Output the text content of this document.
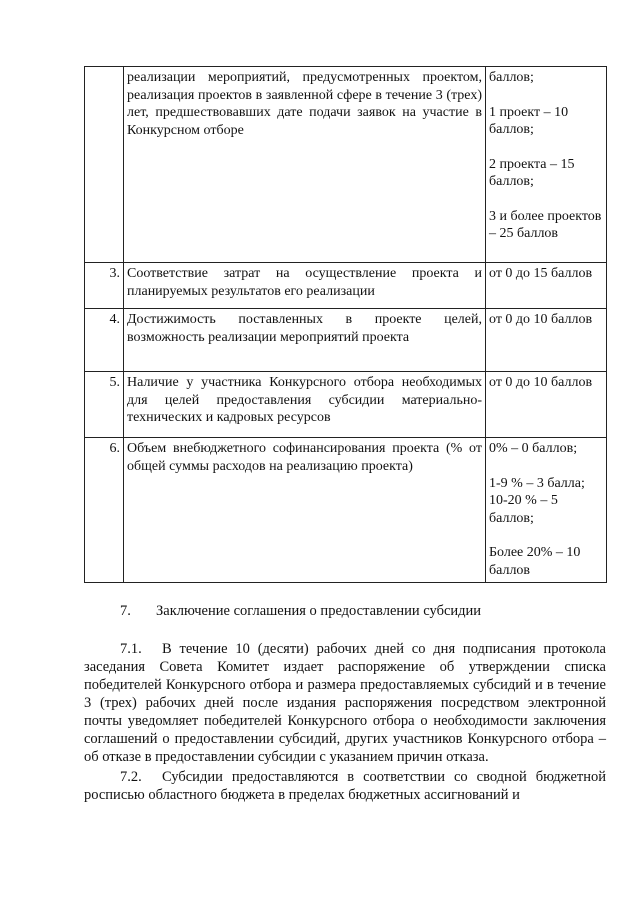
	реализации мероприятий, предусмотренных проектом, реализация проектов в заявленной сфере в течение 3 (трех) лет, предшествовавших дате подачи заявок на участие в Конкурсном отборе	баллов;
1 проект – 10 баллов;
2 проекта – 15 баллов;
3 и более проектов – 25 баллов

3.	Соответствие затрат на осуществление проекта и планируемых результатов его реализации	от 0 до 15 баллов

4.	Достижимость поставленных в проекте целей, возможность реализации мероприятий проекта	от 0 до 10 баллов

5.	Наличие у участника Конкурсного отбора необходимых для целей предоставления субсидии материально-технических и кадровых ресурсов	от 0 до 10 баллов

6.	Объем внебюджетного софинансирования проекта (% от общей суммы расходов на реализацию проекта)	0% – 0 баллов;
1-9 % – 3 балла;
10-20 % – 5 баллов;
Более 20% – 10 баллов
7. Заключение соглашения о предоставлении субсидии
7.1. В течение 10 (десяти) рабочих дней со дня подписания протокола заседания Совета Комитет издает распоряжение об утверждении списка победителей Конкурсного отбора и размера предоставляемых субсидий и в течение 3 (трех) рабочих дней после издания распоряжения посредством электронной почты уведомляет победителей Конкурсного отбора о необходимости заключения соглашений о предоставлении субсидий, других участников Конкурсного отбора – об отказе в предоставлении субсидии с указанием причин отказа.
7.2. Субсидии предоставляются в соответствии со сводной бюджетной росписью областного бюджета в пределах бюджетных ассигнований и
